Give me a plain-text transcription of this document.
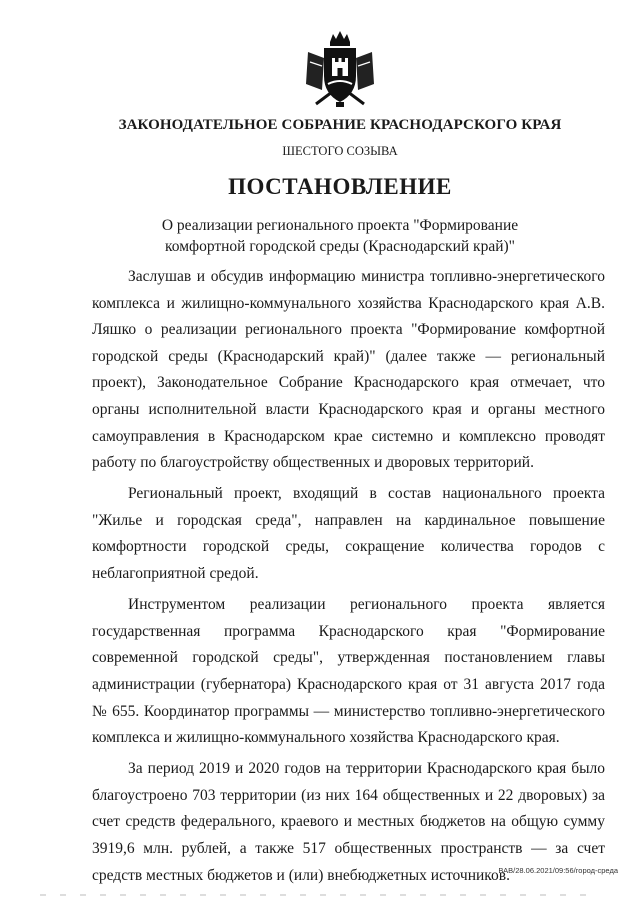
ЗАКОНОДАТЕЛЬНОЕ СОБРАНИЕ КРАСНОДАРСКОГО КРАЯ
ШЕСТОГО СОЗЫВА
ПОСТАНОВЛЕНИЕ
О реализации регионального проекта "Формирование
комфортной городской среды (Краснодарский край)"

Заслушав и обсудив информацию министра топливно-энергетического комплекса и жилищно-коммунального хозяйства Краснодарского края А.В. Ляшко о реализации регионального проекта "Формирование комфортной городской среды (Краснодарский край)" (далее также — региональный проект), Законодательное Собрание Краснодарского края отмечает, что органы исполнительной власти Краснодарского края и органы местного самоуправления в Краснодарском крае системно и комплексно проводят работу по благоустройству общественных и дворовых территорий.

Региональный проект, входящий в состав национального проекта "Жилье и городская среда", направлен на кардинальное повышение комфортности городской среды, сокращение количества городов с неблагоприятной средой.

Инструментом реализации регионального проекта является государственная программа Краснодарского края "Формирование современной городской среды", утвержденная постановлением главы администрации (губернатора) Краснодарского края от 31 августа 2017 года № 655. Координатор программы — министерство топливно-энергетического комплекса и жилищно-коммунального хозяйства Краснодарского края.

За период 2019 и 2020 годов на территории Краснодарского края было благоустроено 703 территории (из них 164 общественных и 22 дворовых) за счет средств федерального, краевого и местных бюджетов на общую сумму 3919,6 млн. рублей, а также 517 общественных пространств — за счет средств местных бюджетов и (или) внебюджетных источников.

ВАВ/28.06.2021/09:56/город-среда
